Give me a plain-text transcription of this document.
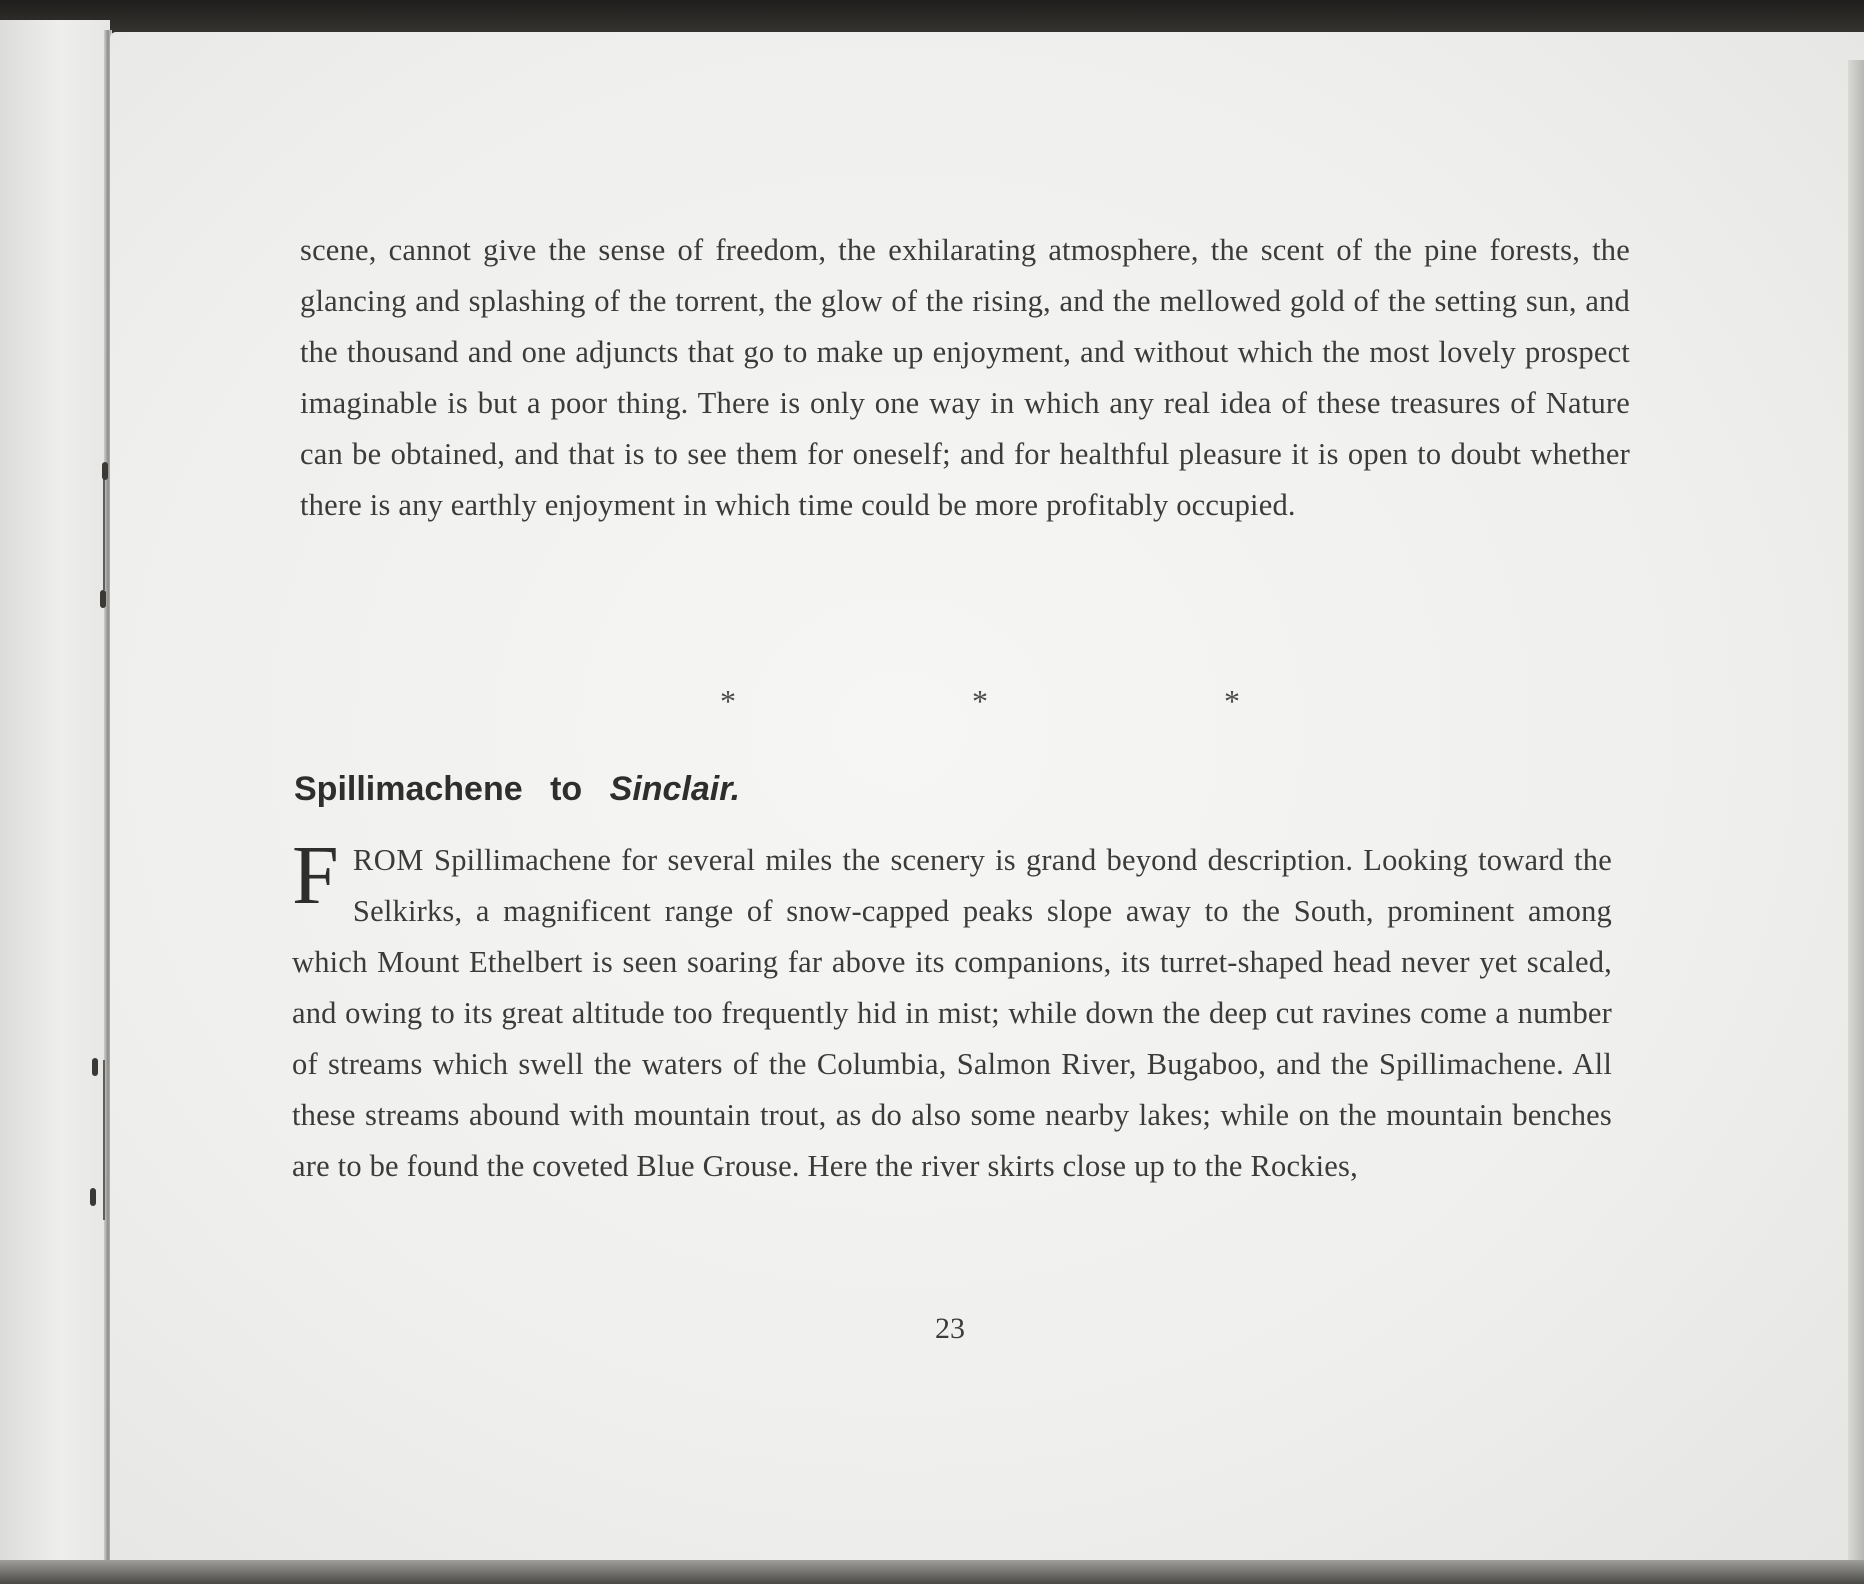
scene, cannot give the sense of freedom, the exhilarating atmosphere, the scent of the pine forests, the glancing and splashing of the torrent, the glow of the rising, and the mellowed gold of the setting sun, and the thousand and one adjuncts that go to make up enjoyment, and without which the most lovely prospect imaginable is but a poor thing. There is only one way in which any real idea of these treasures of Nature can be obtained, and that is to see them for oneself; and for healthful pleasure it is open to doubt whether there is any earthly enjoyment in which time could be more profitably occupied.
*	*	*
Spillimachene to Sinclair.
FROM Spillimachene for several miles the scenery is grand beyond description. Looking toward the Selkirks, a magnificent range of snow-capped peaks slope away to the South, prominent among which Mount Ethelbert is seen soaring far above its companions, its turret-shaped head never yet scaled, and owing to its great altitude too frequently hid in mist; while down the deep cut ravines come a number of streams which swell the waters of the Columbia, Salmon River, Bugaboo, and the Spillimachene. All these streams abound with mountain trout, as do also some nearby lakes; while on the mountain benches are to be found the coveted Blue Grouse. Here the river skirts close up to the Rockies,
23
